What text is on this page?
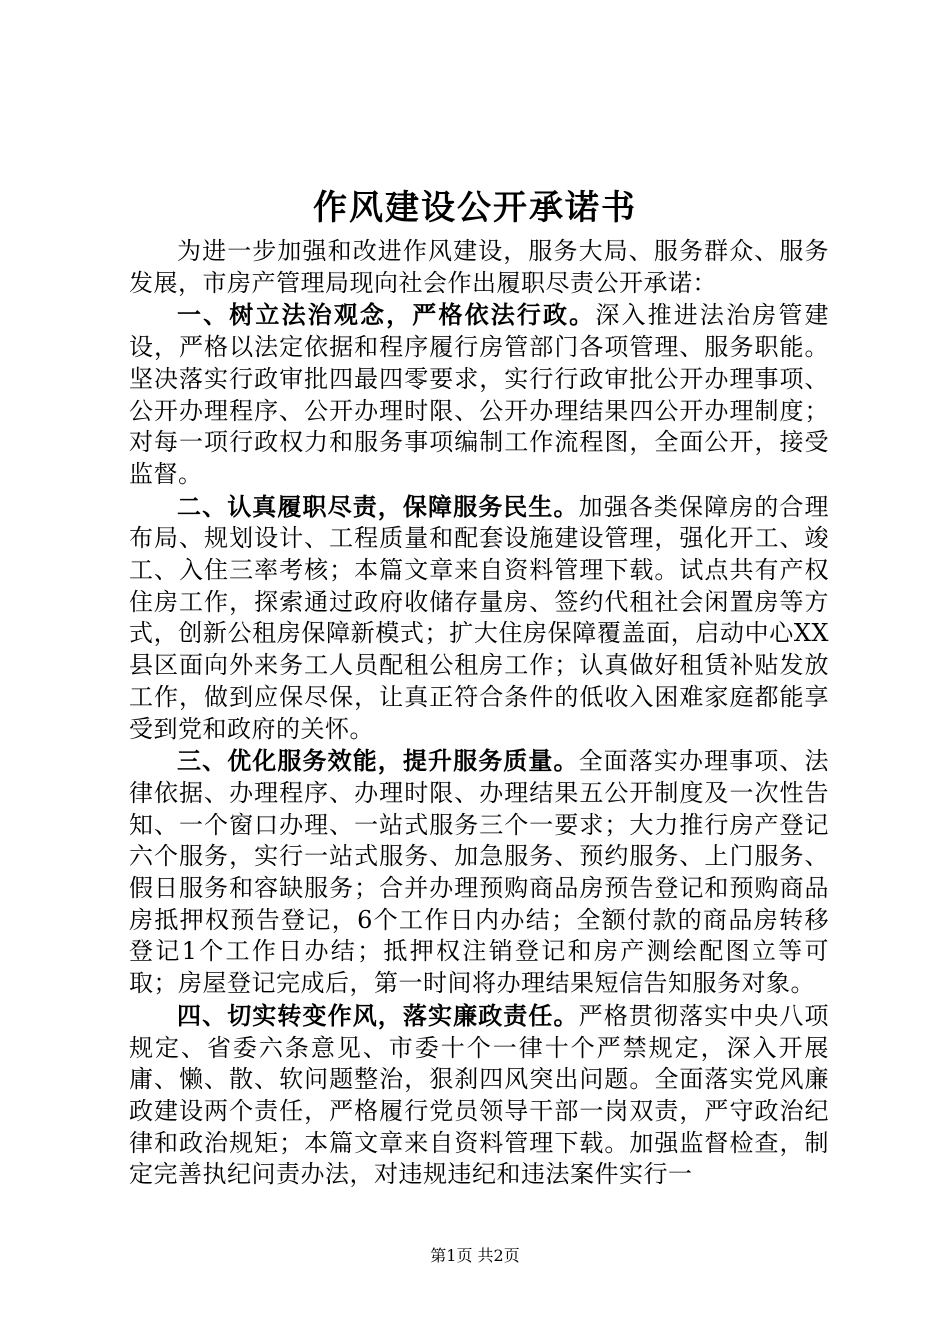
作风建设公开承诺书

为进一步加强和改进作风建设，服务大局、服务群众、服务发展，市房产管理局现向社会作出履职尽责公开承诺：

一、树立法治观念，严格依法行政。深入推进法治房管建设，严格以法定依据和程序履行房管部门各项管理、服务职能。坚决落实行政审批四最四零要求，实行行政审批公开办理事项、公开办理程序、公开办理时限、公开办理结果四公开办理制度；对每一项行政权力和服务事项编制工作流程图，全面公开，接受监督。

二、认真履职尽责，保障服务民生。加强各类保障房的合理布局、规划设计、工程质量和配套设施建设管理，强化开工、竣工、入住三率考核；本篇文章来自资料管理下载。试点共有产权住房工作，探索通过政府收储存量房、签约代租社会闲置房等方式，创新公租房保障新模式；扩大住房保障覆盖面，启动中心XX县区面向外来务工人员配租公租房工作；认真做好租赁补贴发放工作，做到应保尽保，让真正符合条件的低收入困难家庭都能享受到党和政府的关怀。

三、优化服务效能，提升服务质量。全面落实办理事项、法律依据、办理程序、办理时限、办理结果五公开制度及一次性告知、一个窗口办理、一站式服务三个一要求；大力推行房产登记六个服务，实行一站式服务、加急服务、预约服务、上门服务、假日服务和容缺服务；合并办理预购商品房预告登记和预购商品房抵押权预告登记，6个工作日内办结；全额付款的商品房转移登记1个工作日办结；抵押权注销登记和房产测绘配图立等可取；房屋登记完成后，第一时间将办理结果短信告知服务对象。

四、切实转变作风，落实廉政责任。严格贯彻落实中央八项规定、省委六条意见、市委十个一律十个严禁规定，深入开展庸、懒、散、软问题整治，狠刹四风突出问题。全面落实党风廉政建设两个责任，严格履行党员领导干部一岗双责，严守政治纪律和政治规矩；本篇文章来自资料管理下载。加强监督检查，制定完善执纪问责办法，对违规违纪和违法案件实行一

第1页 共2页
